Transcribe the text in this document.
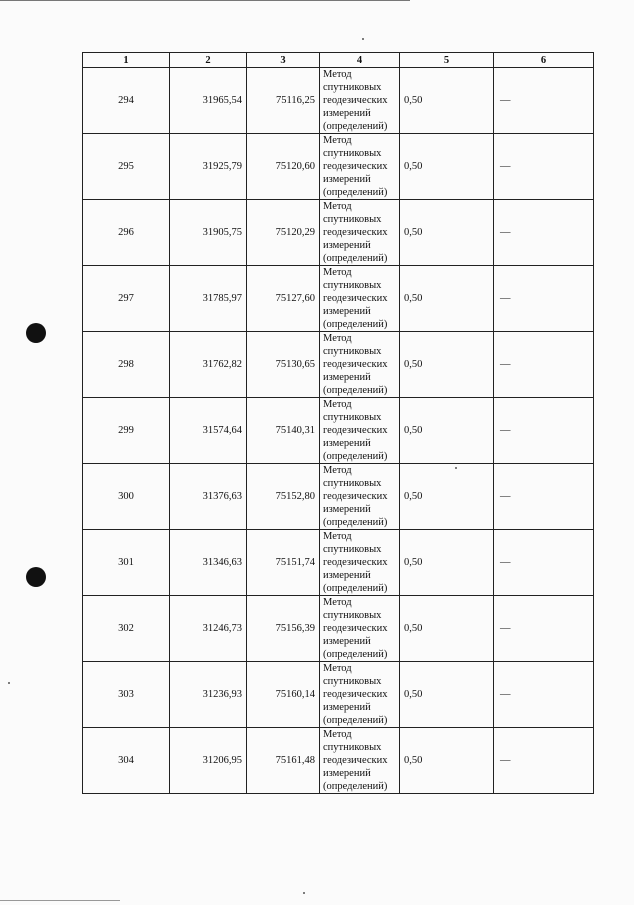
1	2	3	4	5	6
294	31965,54	75116,25	Метод
спутниковых
геодезических
измерений
(определений)	0,50	—
295	31925,79	75120,60	Метод
спутниковых
геодезических
измерений
(определений)	0,50	—
296	31905,75	75120,29	Метод
спутниковых
геодезических
измерений
(определений)	0,50	—
297	31785,97	75127,60	Метод
спутниковых
геодезических
измерений
(определений)	0,50	—
298	31762,82	75130,65	Метод
спутниковых
геодезических
измерений
(определений)	0,50	—
299	31574,64	75140,31	Метод
спутниковых
геодезических
измерений
(определений)	0,50	—
300	31376,63	75152,80	Метод
спутниковых
геодезических
измерений
(определений)	0,50	—
301	31346,63	75151,74	Метод
спутниковых
геодезических
измерений
(определений)	0,50	—
302	31246,73	75156,39	Метод
спутниковых
геодезических
измерений
(определений)	0,50	—
303	31236,93	75160,14	Метод
спутниковых
геодезических
измерений
(определений)	0,50	—
304	31206,95	75161,48	Метод
спутниковых
геодезических
измерений
(определений)	0,50	—
